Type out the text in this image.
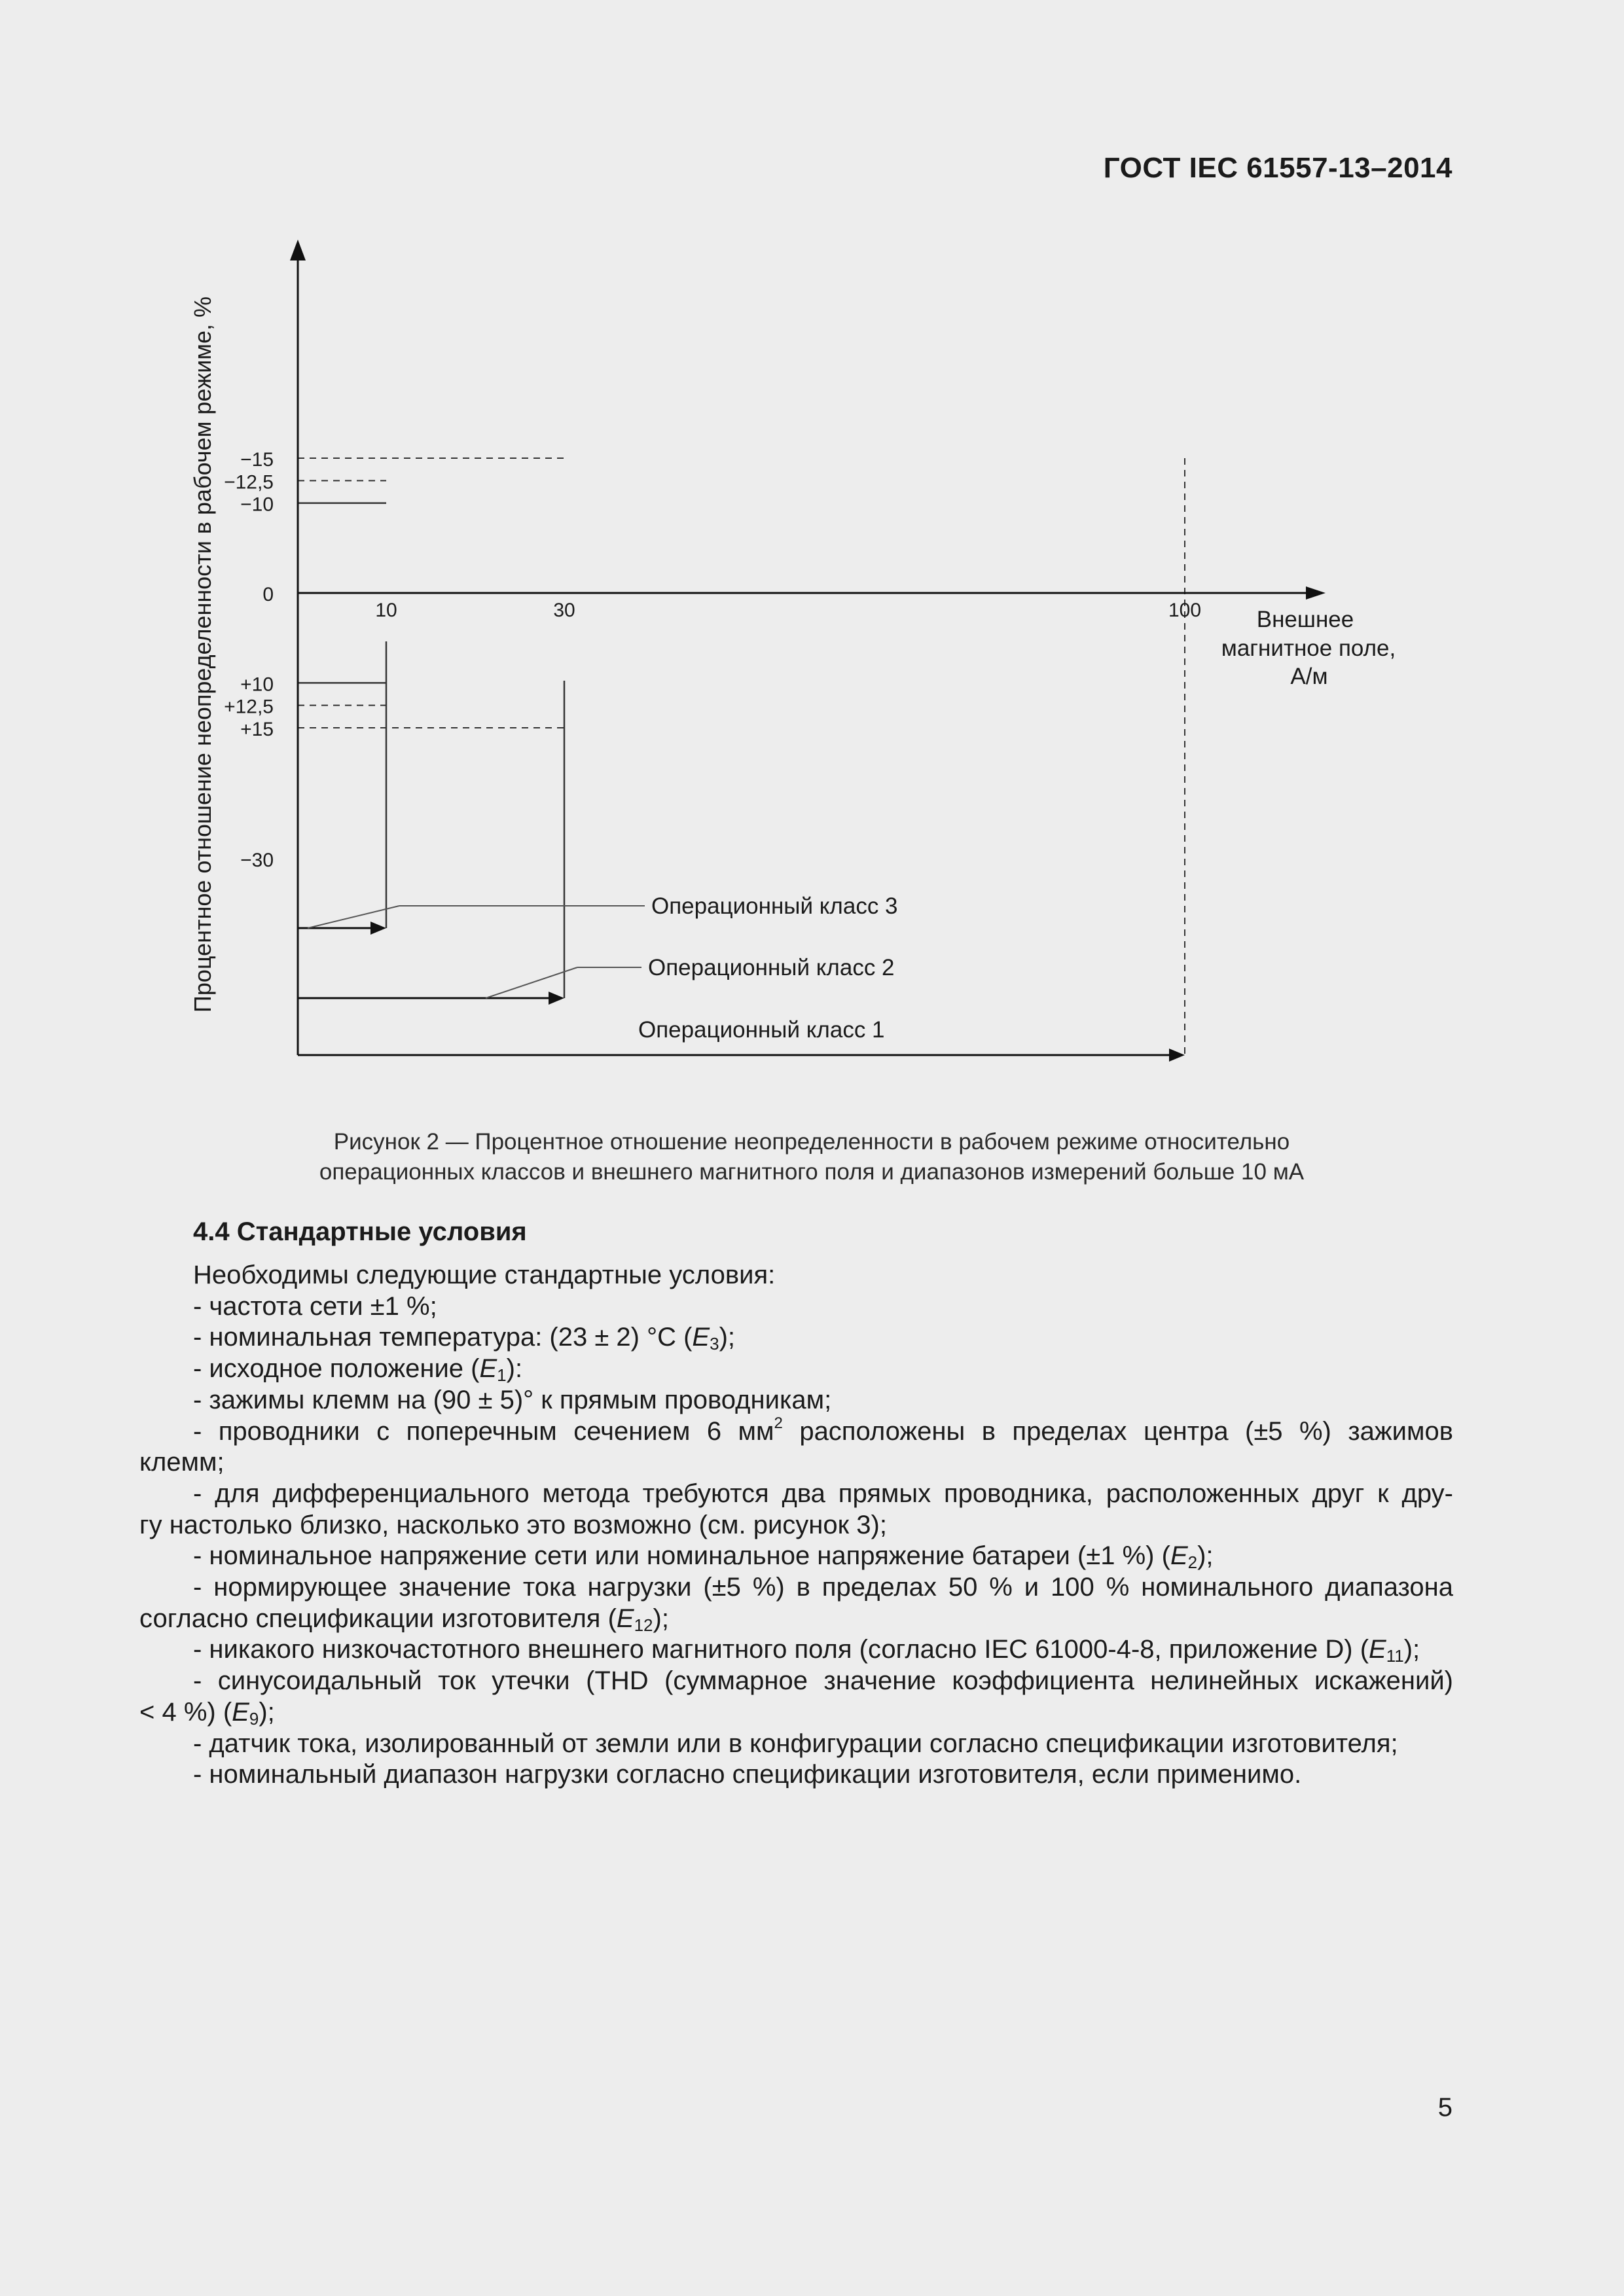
ГОСТ IEC 61557-13–2014
+15
+12,5
+10
0
−10
−12,5
−15
−30
10	30	100
Операционный класс 3
Операционный класс 2
Операционный класс 1
Процентное отношение неопределенности в рабочем режиме, %	Внешнее
магнитное поле,
А/м
Рисунок 2 — Процентное отношение неопределенности в рабочем режиме относительно
операционных классов и внешнего магнитного поля и диапазонов измерений больше 10 мА
4.4 Стандартные условия
Необходимы следующие стандартные условия:
- частота сети ±1 %;
- номинальная температура: (23 ± 2) °С $(E_3)$;
- исходное положение $(E_1)$:
- зажимы клемм на (90 ± 5)° к прямым проводникам;
- проводники с поперечным сечением 6 $мм^2$ расположены в пределах центра (±5 %) зажимов
клемм;
- для дифференциального метода требуются два прямых проводника, расположенных друг к дру-
гу настолько близко, насколько это возможно (см. рисунок 3);
- номинальное напряжение сети или номинальное напряжение батареи (±1 %) $(E_2)$;
- нормирующее значение тока нагрузки (±5 %) в пределах 50 % и 100 % номинального диапазона
согласно спецификации изготовителя $(E_{12})$;
- никакого низкочастотного внешнего магнитного поля (согласно IEC 61000-4-8, приложение D) $(E_{11})$;
- синусоидальный ток утечки (THD (суммарное значение коэффициента нелинейных искажений)
< 4 %) $(E_9)$;
- датчик тока, изолированный от земли или в конфигурации согласно спецификации изготовителя;
- номинальный диапазон нагрузки согласно спецификации изготовителя, если применимо.
5
